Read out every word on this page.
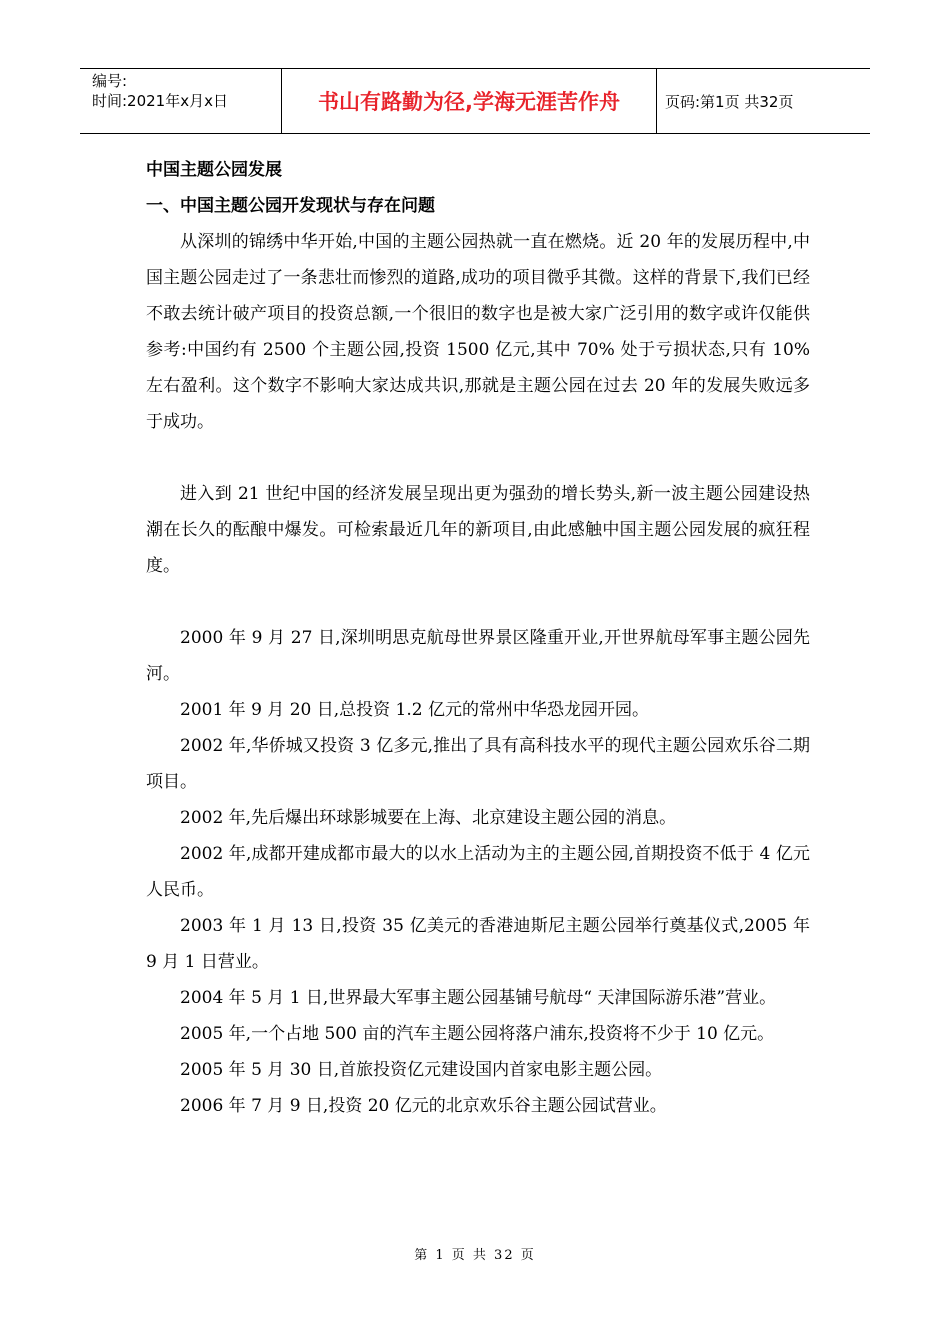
编号:
时间:2021年x月x日	书山有路勤为径,学海无涯苦作舟	页码:第1页 共32页

中国主题公园发展

一、中国主题公园开发现状与存在问题

从深圳的锦绣中华开始,中国的主题公园热就一直在燃烧。近 20 年的发展历程中,中国主题公园走过了一条悲壮而惨烈的道路,成功的项目微乎其微。这样的背景下,我们已经不敢去统计破产项目的投资总额,一个很旧的数字也是被大家广泛引用的数字或许仅能供参考:中国约有 2500 个主题公园,投资 1500 亿元,其中 70% 处于亏损状态,只有 10% 左右盈利。这个数字不影响大家达成共识,那就是主题公园在过去 20 年的发展失败远多于成功。

进入到 21 世纪中国的经济发展呈现出更为强劲的增长势头,新一波主题公园建设热潮在长久的酝酿中爆发。可检索最近几年的新项目,由此感触中国主题公园发展的疯狂程度。

2000 年 9 月 27 日,深圳明思克航母世界景区隆重开业,开世界航母军事主题公园先河。

2001 年 9 月 20 日,总投资 1.2 亿元的常州中华恐龙园开园。

2002 年,华侨城又投资 3 亿多元,推出了具有高科技水平的现代主题公园欢乐谷二期项目。

2002 年,先后爆出环球影城要在上海、北京建设主题公园的消息。

2002 年,成都开建成都市最大的以水上活动为主的主题公园,首期投资不低于 4 亿元人民币。

2003 年 1 月 13 日,投资 35 亿美元的香港迪斯尼主题公园举行奠基仪式,2005 年 9 月 1 日营业。

2004 年 5 月 1 日,世界最大军事主题公园基铺号航母“ 天津国际游乐港”营业。

2005 年,一个占地 500 亩的汽车主题公园将落户浦东,投资将不少于 10 亿元。

2005 年 5 月 30 日,首旅投资亿元建设国内首家电影主题公园。

2006 年 7 月 9 日,投资 20 亿元的北京欢乐谷主题公园试营业。

第 1 页 共 32 页
